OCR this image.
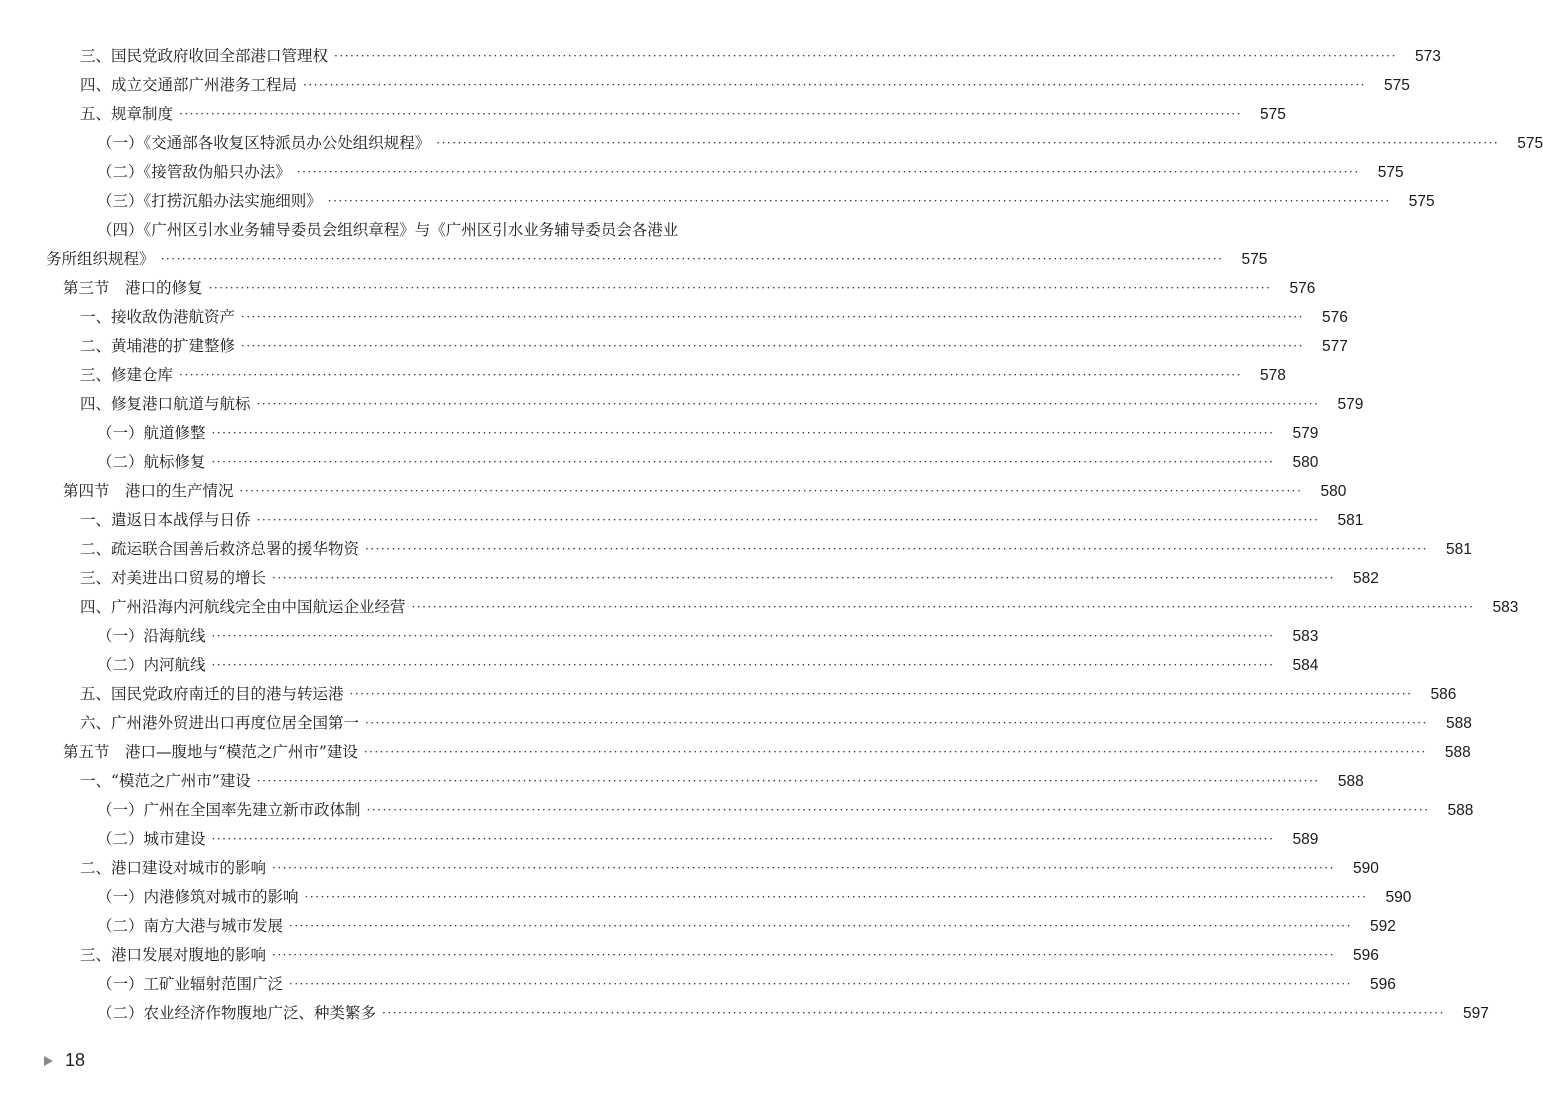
三、国民党政府收回全部港口管理权 ········································································································································································································	573
四、成立交通部广州港务工程局 ········································································································································································································	575
五、规章制度 ········································································································································································································	575
（一）《交通部各收复区特派员办公处组织规程》 ········································································································································································································	575
（二）《接管敌伪船只办法》 ········································································································································································································	575
（三）《打捞沉船办法实施细则》 ········································································································································································································	575
（四）《广州区引水业务辅导委员会组织章程》与《广州区引水业务辅导委员会各港业
务所组织规程》 ········································································································································································································	575
第三节　港口的修复 ········································································································································································································	576
一、接收敌伪港航资产 ········································································································································································································	576
二、黄埔港的扩建整修 ········································································································································································································	577
三、修建仓库 ········································································································································································································	578
四、修复港口航道与航标 ········································································································································································································	579
（一）航道修整 ········································································································································································································	579
（二）航标修复 ········································································································································································································	580
第四节　港口的生产情况 ········································································································································································································	580
一、遣返日本战俘与日侨 ········································································································································································································	581
二、疏运联合国善后救济总署的援华物资 ········································································································································································································	581
三、对美进出口贸易的增长 ········································································································································································································	582
四、广州沿海内河航线完全由中国航运企业经营 ········································································································································································································	583
（一）沿海航线 ········································································································································································································	583
（二）内河航线 ········································································································································································································	584
五、国民党政府南迁的目的港与转运港 ········································································································································································································	586
六、广州港外贸进出口再度位居全国第一 ········································································································································································································	588
第五节　港口—腹地与“模范之广州市”建设 ········································································································································································································	588
一、“模范之广州市”建设 ········································································································································································································	588
（一）广州在全国率先建立新市政体制 ········································································································································································································	588
（二）城市建设 ········································································································································································································	589
二、港口建设对城市的影响 ········································································································································································································	590
（一）内港修筑对城市的影响 ········································································································································································································	590
（二）南方大港与城市发展 ········································································································································································································	592
三、港口发展对腹地的影响 ········································································································································································································	596
（一）工矿业辐射范围广泛 ········································································································································································································	596
（二）农业经济作物腹地广泛、种类繁多 ········································································································································································································	597
18
